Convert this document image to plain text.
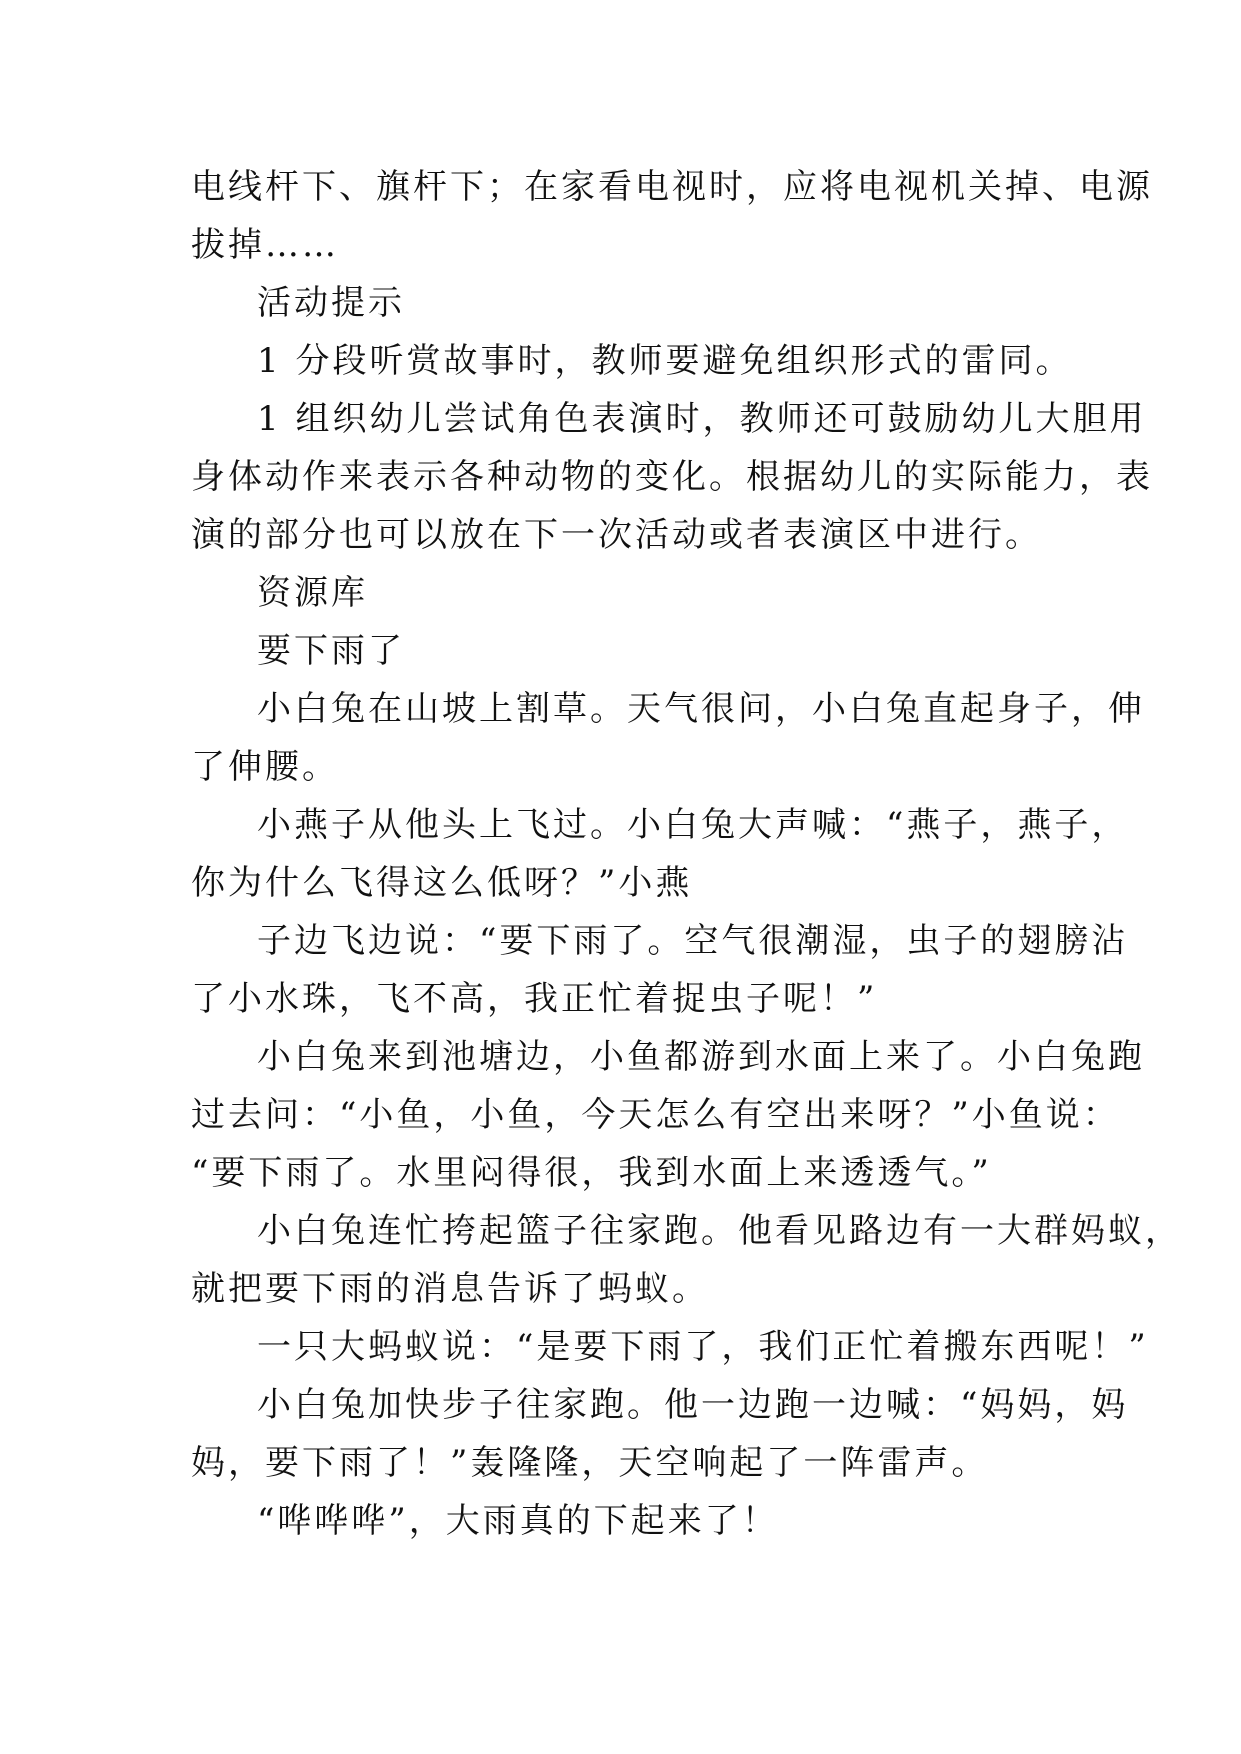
电线杆下、旗杆下；在家看电视时，应将电视机关掉、电源

拔掉……

活动提示

1 分段听赏故事时，教师要避免组织形式的雷同。

1 组织幼儿尝试角色表演时，教师还可鼓励幼儿大胆用

身体动作来表示各种动物的变化。根据幼儿的实际能力，表

演的部分也可以放在下一次活动或者表演区中进行。

资源库

要下雨了

小白兔在山坡上割草。天气很问，小白兔直起身子，伸

了伸腰。

小燕子从他头上飞过。小白兔大声喊：“燕子，燕子，

你为什么飞得这么低呀？”小燕

子边飞边说：“要下雨了。空气很潮湿，虫子的翅膀沾

了小水珠，飞不高，我正忙着捉虫子呢！”

小白兔来到池塘边，小鱼都游到水面上来了。小白兔跑

过去问：“小鱼，小鱼，今天怎么有空出来呀？”小鱼说：

“要下雨了。水里闷得很，我到水面上来透透气。”

小白兔连忙挎起篮子往家跑。他看见路边有一大群妈蚁，

就把要下雨的消息告诉了蚂蚁。

一只大蚂蚁说：“是要下雨了，我们正忙着搬东西呢！”

小白兔加快步子往家跑。他一边跑一边喊：“妈妈，妈

妈，要下雨了！”轰隆隆，天空响起了一阵雷声。

“哗哗哗”，大雨真的下起来了！
